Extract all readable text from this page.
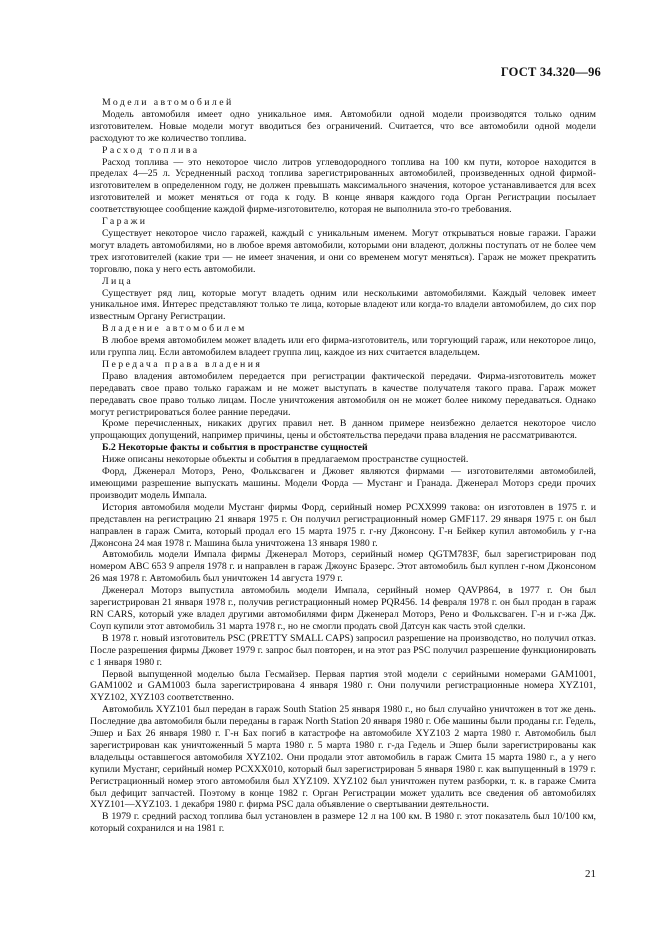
ГОСТ 34.320—96

Модели автомобилей

Модель автомобиля имеет одно уникальное имя. Автомобили одной модели производятся только одним изготовителем. Новые модели могут вводиться без ограничений. Считается, что все автомобили одной модели расходуют то же количество топлива.

Расход топлива

Расход топлива — это некоторое число литров углеводородного топлива на 100 км пути, которое находится в пределах 4—25 л. Усредненный расход топлива зарегистрированных автомобилей, произведенных одной фирмой-изготовителем в определенном году, не должен превышать максимального значения, которое устанавливается для всех изготовителей и может меняться от года к году. В конце января каждого года Орган Регистрации посылает соответствующее сообщение каждой фирме-изготовителю, которая не выполнила это-го требования.

Гаражи

Существует некоторое число гаражей, каждый с уникальным именем. Могут открываться новые гаражи. Гаражи могут владеть автомобилями, но в любое время автомобили, которыми они владеют, должны поступать от не более чем трех изготовителей (какие три — не имеет значения, и они со временем могут меняться). Гараж не может прекратить торговлю, пока у него есть автомобили.

Лица

Существует ряд лиц, которые могут владеть одним или несколькими автомобилями. Каждый человек имеет уникальное имя. Интерес представляют только те лица, которые владеют или когда-то владели автомобилем, до сих пор известным Органу Регистрации.

Владение автомобилем

В любое время автомобилем может владеть или его фирма-изготовитель, или торгующий гараж, или некоторое лицо, или группа лиц. Если автомобилем владеет группа лиц, каждое из них считается владельцем.

Передача права владения

Право владения автомобилем передается при регистрации фактической передачи. Фирма-изготовитель может передавать свое право только гаражам и не может выступать в качестве получателя такого права. Гараж может передавать свое право только лицам. После уничтожения автомобиля он не может более никому передаваться. Однако могут регистрироваться более ранние передачи.

Кроме перечисленных, никаких других правил нет. В данном примере неизбежно делается некоторое число упрощающих допущений, например причины, цены и обстоятельства передачи права владения не рассматриваются.

Б.2 Некоторые факты и события в пространстве сущностей

Ниже описаны некоторые объекты и события в предлагаемом пространстве сущностей.

Форд, Дженерал Моторз, Рено, Фольксваген и Джовет являются фирмами — изготовителями автомобилей, имеющими разрешение выпускать машины. Модели Форда — Мустанг и Гранада. Дженерал Моторз среди прочих производит модель Импала.

История автомобиля модели Мустанг фирмы Форд, серийный номер РСХХ999 такова: он изготовлен в 1975 г. и представлен на регистрацию 21 января 1975 г. Он получил регистрационный номер GMF117. 29 января 1975 г. он был направлен в гараж Смита, который продал его 15 марта 1975 г. г-ну Джонсону. Г-н Бейкер купил автомобиль у г-на Джонсона 24 мая 1978 г. Машина была уничтожена 13 января 1980 г.

Автомобиль модели Импала фирмы Дженерал Моторз, серийный номер QGTM783F, был зарегистрирован под номером АВС 653 9 апреля 1978 г. и направлен в гараж Джоунс Бразерс. Этот автомобиль был куплен г-ном Джонсоном 26 мая 1978 г. Автомобиль был уничтожен 14 августа 1979 г.

Дженерал Моторз выпустила автомобиль модели Импала, серийный номер QAVP864, в 1977 г. Он был зарегистрирован 21 января 1978 г., получив регистрационный номер PQR456. 14 февраля 1978 г. он был продан в гараж RN CARS, который уже владел другими автомобилями фирм Дженерал Моторз, Рено и Фольксваген. Г-н и г-жа Дж. Соуп купили этот автомобиль 31 марта 1978 г., но не смогли продать свой Датсун как часть этой сделки.

В 1978 г. новый изготовитель PSC (PRETTY SMALL CAPS) запросил разрешение на производство, но получил отказ. После разрешения фирмы Джовет 1979 г. запрос был повторен, и на этот раз PSC получил разрешение функционировать с 1 января 1980 г.

Первой выпущенной моделью была Гесмайзер. Первая партия этой модели с серийными номерами GAM1001, GAM1002 и GAM1003 была зарегистрирована 4 января 1980 г. Они получили регистрационные номера XYZ101, XYZ102, XYZ103 соответственно.

Автомобиль XYZ101 был передан в гараж South Station 25 января 1980 г., но был случайно уничтожен в тот же день. Последние два автомобиля были переданы в гараж North Station 20 января 1980 г. Обе машины были проданы г.г. Гедель, Эшер и Бах 26 января 1980 г. Г-н Бах погиб в катастрофе на автомобиле XYZ103 2 марта 1980 г. Автомобиль был зарегистрирован как уничтоженный 5 марта 1980 г. 5 марта 1980 г. г-да Гедель и Эшер были зарегистрированы как владельцы оставшегося автомобиля XYZ102. Они продали этот автомобиль в гараж Смита 15 марта 1980 г., а у него купили Мустанг, серийный номер РСХХХ010, который был зарегистрирован 5 января 1980 г. как выпущенный в 1979 г. Регистрационный номер этого автомобиля был XYZ109. XYZ102 был уничтожен путем разборки, т. к. в гараже Смита был дефицит запчастей. Поэтому в конце 1982 г. Орган Регистрации может удалить все сведения об автомобилях XYZ101—XYZ103. 1 декабря 1980 г. фирма PSC дала объявление о свертывании деятельности.

В 1979 г. средний расход топлива был установлен в размере 12 л на 100 км. В 1980 г. этот показатель был 10/100 км, который сохранился и на 1981 г.

21
